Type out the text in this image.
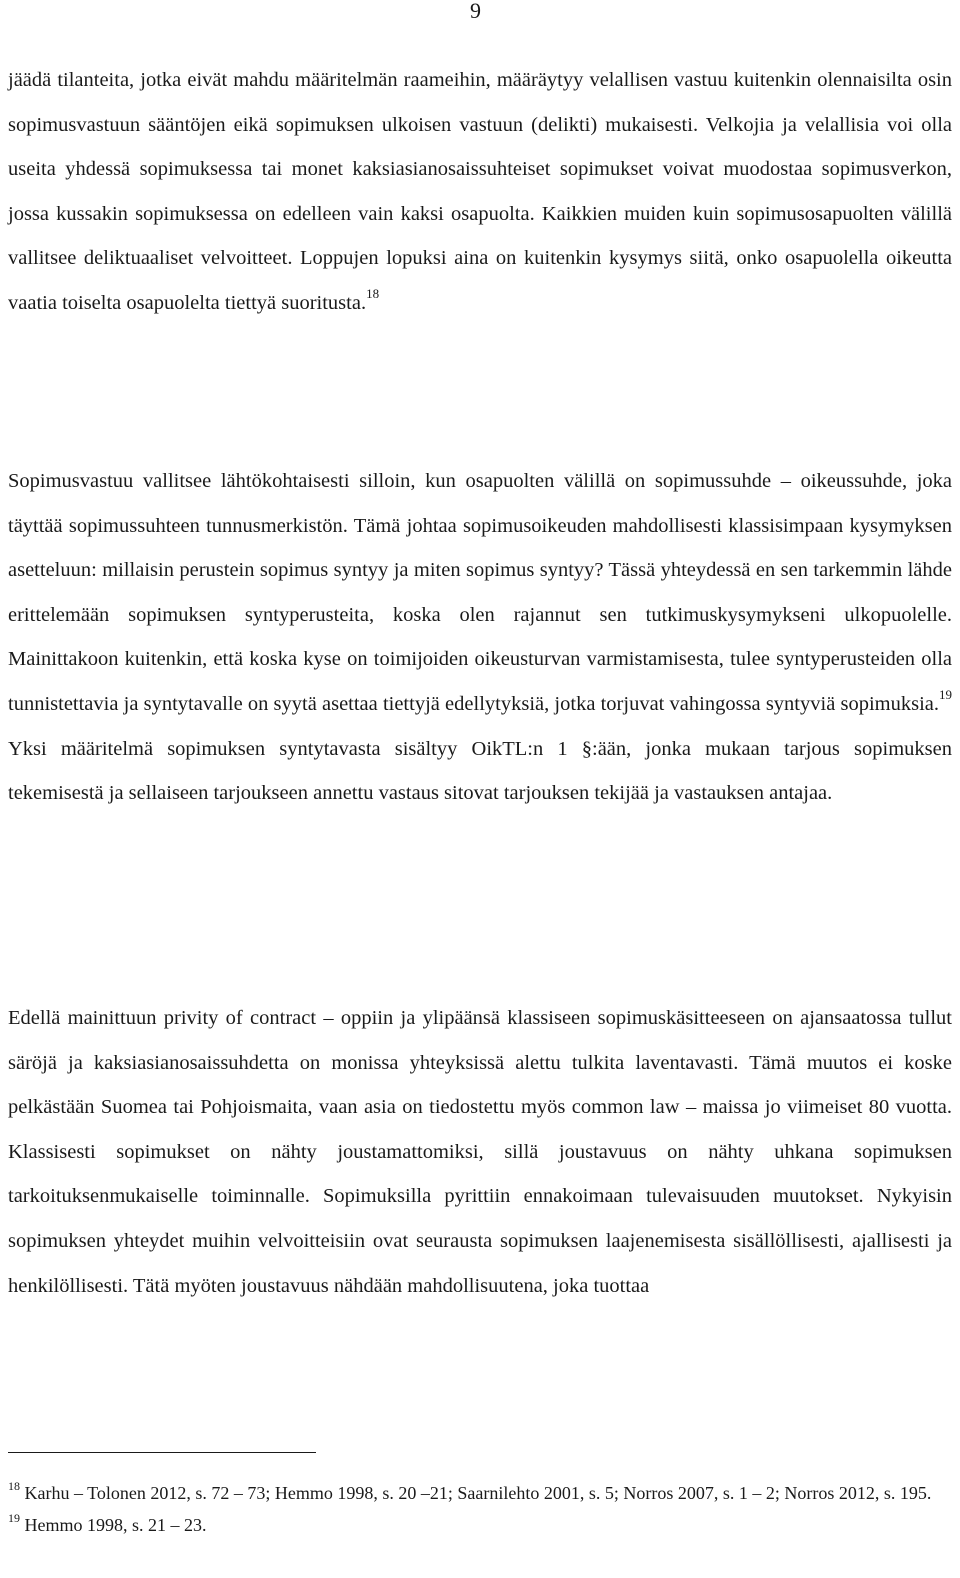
9

jäädä tilanteita, jotka eivät mahdu määritelmän raameihin, määräytyy velallisen vastuu kuitenkin olennaisilta osin sopimusvastuun sääntöjen eikä sopimuksen ulkoisen vastuun (delikti) mukaisesti. Velkojia ja velallisia voi olla useita yhdessä sopimuksessa tai monet kaksiasianosaissuhteiset sopimukset voivat muodostaa sopimusverkon, jossa kussakin sopimuksessa on edelleen vain kaksi osapuolta. Kaikkien muiden kuin sopimusosapuolten välillä vallitsee deliktuaaliset velvoitteet. Loppujen lopuksi aina on kuitenkin kysymys siitä, onko osapuolella oikeutta vaatia toiselta osapuolelta tiettyä suoritusta.$^{18}$

Sopimusvastuu vallitsee lähtökohtaisesti silloin, kun osapuolten välillä on sopimussuhde – oikeussuhde, joka täyttää sopimussuhteen tunnusmerkistön. Tämä johtaa sopimusoikeuden mahdollisesti klassisimpaan kysymyksen asetteluun: millaisin perustein sopimus syntyy ja miten sopimus syntyy? Tässä yhteydessä en sen tarkemmin lähde erittelemään sopimuksen syntyperusteita, koska olen rajannut sen tutkimuskysymykseni ulkopuolelle. Mainittakoon kuitenkin, että koska kyse on toimijoiden oikeusturvan varmistamisesta, tulee syntyperusteiden olla tunnistettavia ja syntytavalle on syytä asettaa tiettyjä edellytyksiä, jotka torjuvat vahingossa syntyviä sopimuksia.$^{19}$ Yksi määritelmä sopimuksen syntytavasta sisältyy OikTL:n 1 §:ään, jonka mukaan tarjous sopimuksen tekemisestä ja sellaiseen tarjoukseen annettu vastaus sitovat tarjouksen tekijää ja vastauksen antajaa.

Edellä mainittuun privity of contract – oppiin ja ylipäänsä klassiseen sopimuskäsitteeseen on ajansaatossa tullut säröjä ja kaksiasianosaissuhdetta on monissa yhteyksissä alettu tulkita laventavasti. Tämä muutos ei koske pelkästään Suomea tai Pohjoismaita, vaan asia on tiedostettu myös common law – maissa jo viimeiset 80 vuotta. Klassisesti sopimukset on nähty joustamattomiksi, sillä joustavuus on nähty uhkana sopimuksen tarkoituksenmukaiselle toiminnalle. Sopimuksilla pyrittiin ennakoimaan tulevaisuuden muutokset. Nykyisin sopimuksen yhteydet muihin velvoitteisiin ovat seurausta sopimuksen laajenemisesta sisällöllisesti, ajallisesti ja henkilöllisesti. Tätä myöten joustavuus nähdään mahdollisuutena, joka tuottaa

$^{18}$ Karhu – Tolonen 2012, s. 72 – 73; Hemmo 1998, s. 20 –21; Saarnilehto 2001, s. 5; Norros 2007, s. 1 – 2; Norros 2012, s. 195.

$^{19}$ Hemmo 1998, s. 21 – 23.
